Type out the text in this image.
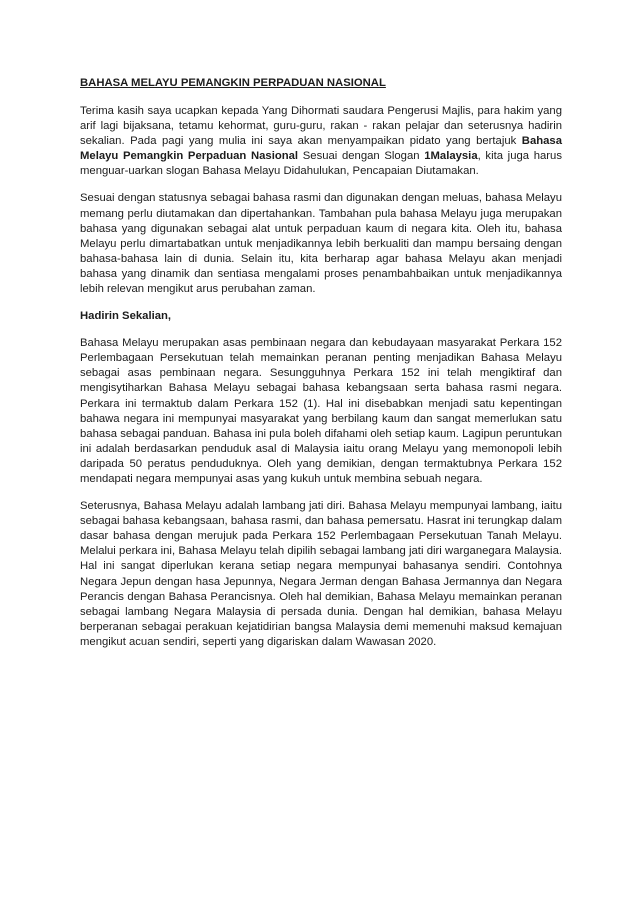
BAHASA MELAYU PEMANGKIN PERPADUAN NASIONAL

Terima kasih saya ucapkan kepada Yang Dihormati saudara Pengerusi Majlis, para hakim yang arif lagi bijaksana, tetamu kehormat, guru-guru, rakan - rakan pelajar dan seterusnya hadirin sekalian. Pada pagi yang mulia ini saya akan menyampaikan pidato yang bertajuk Bahasa Melayu Pemangkin Perpaduan Nasional Sesuai dengan Slogan 1Malaysia, kita juga harus menguar-uarkan slogan Bahasa Melayu Didahulukan, Pencapaian Diutamakan.

Sesuai dengan statusnya sebagai bahasa rasmi dan digunakan dengan meluas, bahasa Melayu memang perlu diutamakan dan dipertahankan. Tambahan pula bahasa Melayu juga merupakan bahasa yang digunakan sebagai alat untuk perpaduan kaum di negara kita. Oleh itu, bahasa Melayu perlu dimartabatkan untuk menjadikannya lebih berkualiti dan mampu bersaing dengan bahasa-bahasa lain di dunia. Selain itu, kita berharap agar bahasa Melayu akan menjadi bahasa yang dinamik dan sentiasa mengalami proses penambahbaikan untuk menjadikannya lebih relevan mengikut arus perubahan zaman.

Hadirin Sekalian,

Bahasa Melayu merupakan asas pembinaan negara dan kebudayaan masyarakat Perkara 152 Perlembagaan Persekutuan telah memainkan peranan penting menjadikan Bahasa Melayu sebagai asas pembinaan negara. Sesungguhnya Perkara 152 ini telah mengiktiraf dan mengisytiharkan Bahasa Melayu sebagai bahasa kebangsaan serta bahasa rasmi negara. Perkara ini termaktub dalam Perkara 152 (1). Hal ini disebabkan menjadi satu kepentingan bahawa negara ini mempunyai masyarakat yang berbilang kaum dan sangat memerlukan satu bahasa sebagai panduan. Bahasa ini pula boleh difahami oleh setiap kaum. Lagipun peruntukan ini adalah berdasarkan penduduk asal di Malaysia iaitu orang Melayu yang memonopoli lebih daripada 50 peratus penduduknya. Oleh yang demikian, dengan termaktubnya Perkara 152 mendapati negara mempunyai asas yang kukuh untuk membina sebuah negara.

Seterusnya, Bahasa Melayu adalah lambang jati diri. Bahasa Melayu mempunyai lambang, iaitu sebagai bahasa kebangsaan, bahasa rasmi, dan bahasa pemersatu. Hasrat ini terungkap dalam dasar bahasa dengan merujuk pada Perkara 152 Perlembagaan Persekutuan Tanah Melayu. Melalui perkara ini, Bahasa Melayu telah dipilih sebagai lambang jati diri warganegara Malaysia. Hal ini sangat diperlukan kerana setiap negara mempunyai bahasanya sendiri. Contohnya Negara Jepun dengan hasa Jepunnya, Negara Jerman dengan Bahasa Jermannya dan Negara Perancis dengan Bahasa Perancisnya. Oleh hal demikian, Bahasa Melayu memainkan peranan sebagai lambang Negara Malaysia di persada dunia. Dengan hal demikian, bahasa Melayu berperanan sebagai perakuan kejatidirian bangsa Malaysia demi memenuhi maksud kemajuan mengikut acuan sendiri, seperti yang digariskan dalam Wawasan 2020.
